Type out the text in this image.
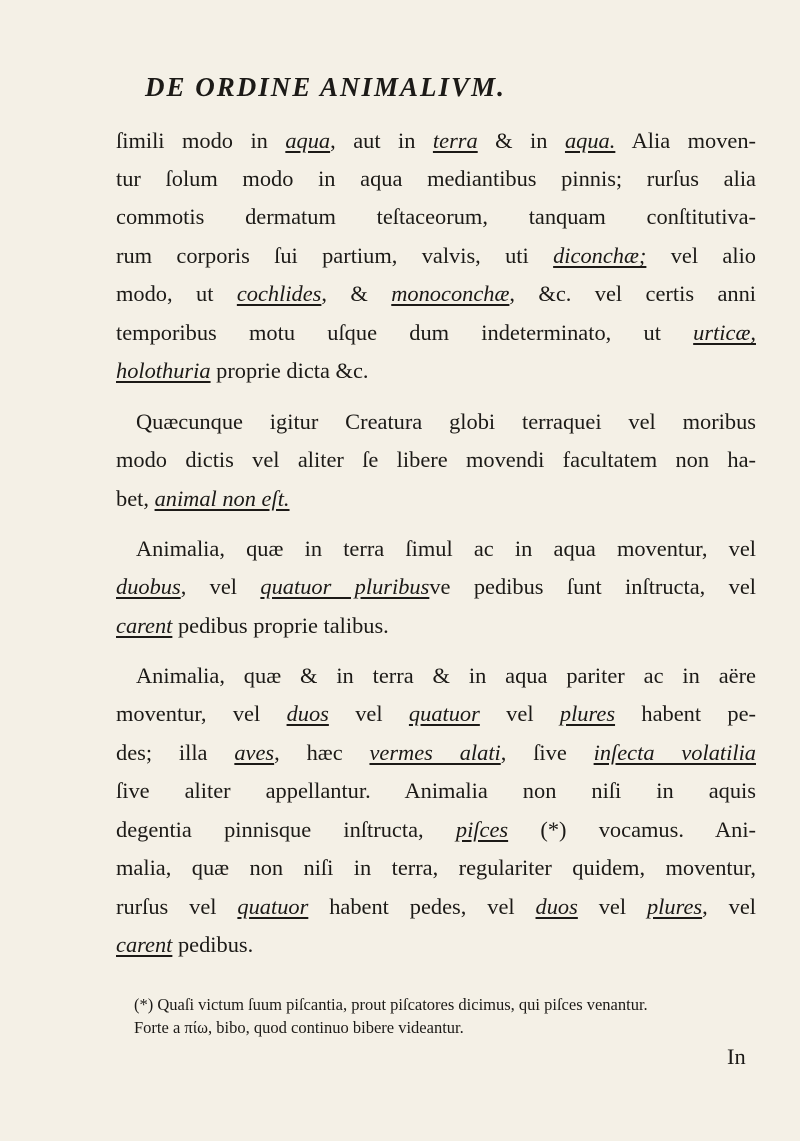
DE ORDINE ANIMALIVM.
ſimili modo in aqua, aut in terra & in aqua. Alia moven-
tur ſolum modo in aqua mediantibus pinnis; rurſus alia
commotis dermatum teſtaceorum, tanquam conſtitutiva-
rum corporis ſui partium, valvis, uti diconchæ; vel alio
modo, ut cochlides, & monoconchæ, &c. vel certis anni
temporibus motu uſque dum indeterminato, ut urticæ,
holothuria proprie dicta &c.
Quæcunque igitur Creatura globi terraquei vel moribus
modo dictis vel aliter ſe libere movendi facultatem non ha-
bet, animal non eſt.
Animalia, quæ in terra ſimul ac in aqua moventur, vel
duobus, vel quatuor pluribusve pedibus ſunt inſtructa, vel
carent pedibus proprie talibus.
Animalia, quæ & in terra & in aqua pariter ac in aëre
moventur, vel duos vel quatuor vel plures habent pe-
des; illa aves, hæc vermes alati, ſive inſecta volatilia
ſive aliter appellantur. Animalia non niſi in aquis
degentia pinnisque inſtructa, piſces (*) vocamus. Ani-
malia, quæ non niſi in terra, regulariter quidem, moventur,
rurſus vel quatuor habent pedes, vel duos vel plures, vel
carent pedibus.
(*) Quaſi victum ſuum piſcantia, prout piſcatores dicimus, qui piſces venantur.
Forte a πίω, bibo, quod continuo bibere videantur.
In
